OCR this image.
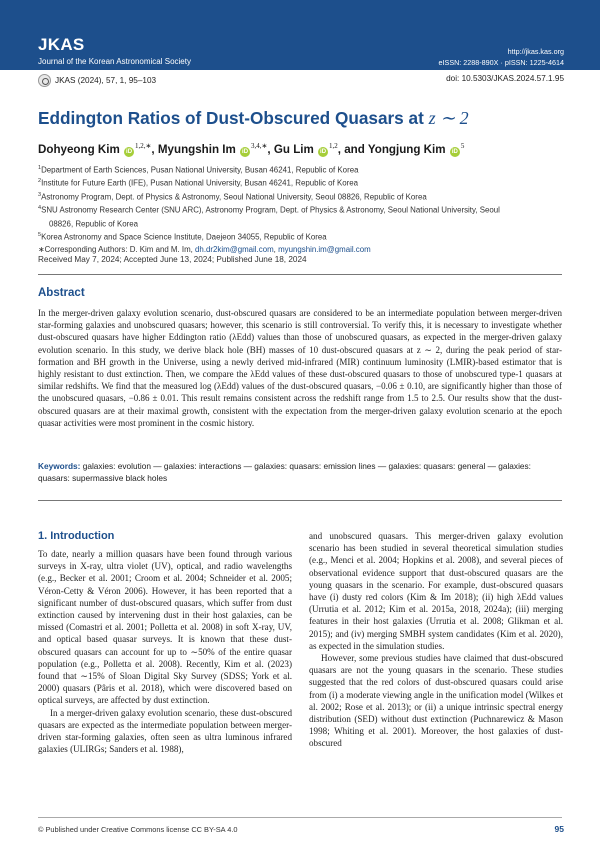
JKAS
Journal of the Korean Astronomical Society
http://jkas.kas.org
eISSN: 2288-890X · pISSN: 1225-4614
JKAS (2024), 57, 1, 95–103	doi: 10.5303/JKAS.2024.57.1.95
Eddington Ratios of Dust-Obscured Quasars at z ∼ 2
Dohyeong Kim $iD^{1,2,∗}$, Myungshin Im $iD^{3,4,∗}$, Gu Lim iD$^{1,2}$, and Yongjung Kim $iD^5$
$^1$Department of Earth Sciences, Pusan National University, Busan 46241, Republic of Korea
$^2$Institute for Future Earth (IFE), Pusan National University, Busan 46241, Republic of Korea
$^3$Astronomy Program, Dept. of Physics & Astronomy, Seoul National University, Seoul 08826, Republic of Korea
$^4$SNU Astronomy Research Center (SNU ARC), Astronomy Program, Dept. of Physics & Astronomy, Seoul National University, Seoul
08826, Republic of Korea
$^5$Korea Astronomy and Space Science Institute, Daejeon 34055, Republic of Korea
∗Corresponding Authors: D. Kim and M. Im, dh.dr2kim@gmail.com, myungshin.im@gmail.com
Received May 7, 2024; Accepted June 13, 2024; Published June 18, 2024
Abstract
In the merger-driven galaxy evolution scenario, dust-obscured quasars are considered to be an intermediate population between merger-driven star-forming galaxies and unobscured quasars; however, this scenario is still controversial. To verify this, it is necessary to investigate whether dust-obscured quasars have higher Eddington ratio (λEdd) values than those of unobscured quasars, as expected in the merger-driven galaxy evolution scenario. In this study, we derive black hole (BH) masses of 10 dust-obscured quasars at z ∼ 2, during the peak period of star-formation and BH growth in the Universe, using a newly derived mid-infrared (MIR) continuum luminosity (LMIR)-based estimator that is highly resistant to dust extinction. Then, we compare the λEdd values of these dust-obscured quasars to those of unobscured type-1 quasars at similar redshifts. We find that the measured log (λEdd) values of the dust-obscured quasars, −0.06 ± 0.10, are significantly higher than those of the unobscured quasars, −0.86 ± 0.01. This result remains consistent across the redshift range from 1.5 to 2.5. Our results show that the dust-obscured quasars are at their maximal growth, consistent with the expectation from the merger-driven galaxy evolution scenario at the epoch quasar activities were most prominent in the cosmic history.
Keywords: galaxies: evolution — galaxies: interactions — galaxies: quasars: emission lines — galaxies: quasars: general — galaxies: quasars: supermassive black holes
1. Introduction

To date, nearly a million quasars have been found through various surveys in X-ray, ultra violet (UV), optical, and radio wavelengths (e.g., Becker et al. 2001; Croom et al. 2004; Schneider et al. 2005; Véron-Cetty & Véron 2006). However, it has been reported that a significant number of dust-obscured quasars, which suffer from dust extinction caused by intervening dust in their host galaxies, can be missed (Comastri et al. 2001; Polletta et al. 2008) in soft X-ray, UV, and optical based quasar surveys. It is known that these dust-obscured quasars can account for up to ∼50% of the entire quasar population (e.g., Polletta et al. 2008). Recently, Kim et al. (2023) found that ∼15% of Sloan Digital Sky Survey (SDSS; York et al. 2000) quasars (Pâris et al. 2018), which were discovered based on optical surveys, are affected by dust extinction.

In a merger-driven galaxy evolution scenario, these dust-obscured quasars are expected as the intermediate population between merger-driven star-forming galaxies, often seen as ultra luminous infrared galaxies (ULIRGs; Sanders et al. 1988),

and unobscured quasars. This merger-driven galaxy evolution scenario has been studied in several theoretical simulation studies (e.g., Menci et al. 2004; Hopkins et al. 2008), and several pieces of observational evidence support that dust-obscured quasars are the young quasars in the scenario. For example, dust-obscured quasars have (i) dusty red colors (Kim & Im 2018); (ii) high λEdd values (Urrutia et al. 2012; Kim et al. 2015a, 2018, 2024a); (iii) merging features in their host galaxies (Urrutia et al. 2008; Glikman et al. 2015); and (iv) merging SMBH system candidates (Kim et al. 2020), as expected in the simulation studies.

However, some previous studies have claimed that dust-obscured quasars are not the young quasars in the scenario. These studies suggested that the red colors of dust-obscured quasars could arise from (i) a moderate viewing angle in the unification model (Wilkes et al. 2002; Rose et al. 2013); or (ii) a unique intrinsic spectral energy distribution (SED) without dust extinction (Puchnarewicz & Mason 1998; Whiting et al. 2001). Moreover, the host galaxies of dust-obscured

© Published under Creative Commons license CC BY-SA 4.0	95
